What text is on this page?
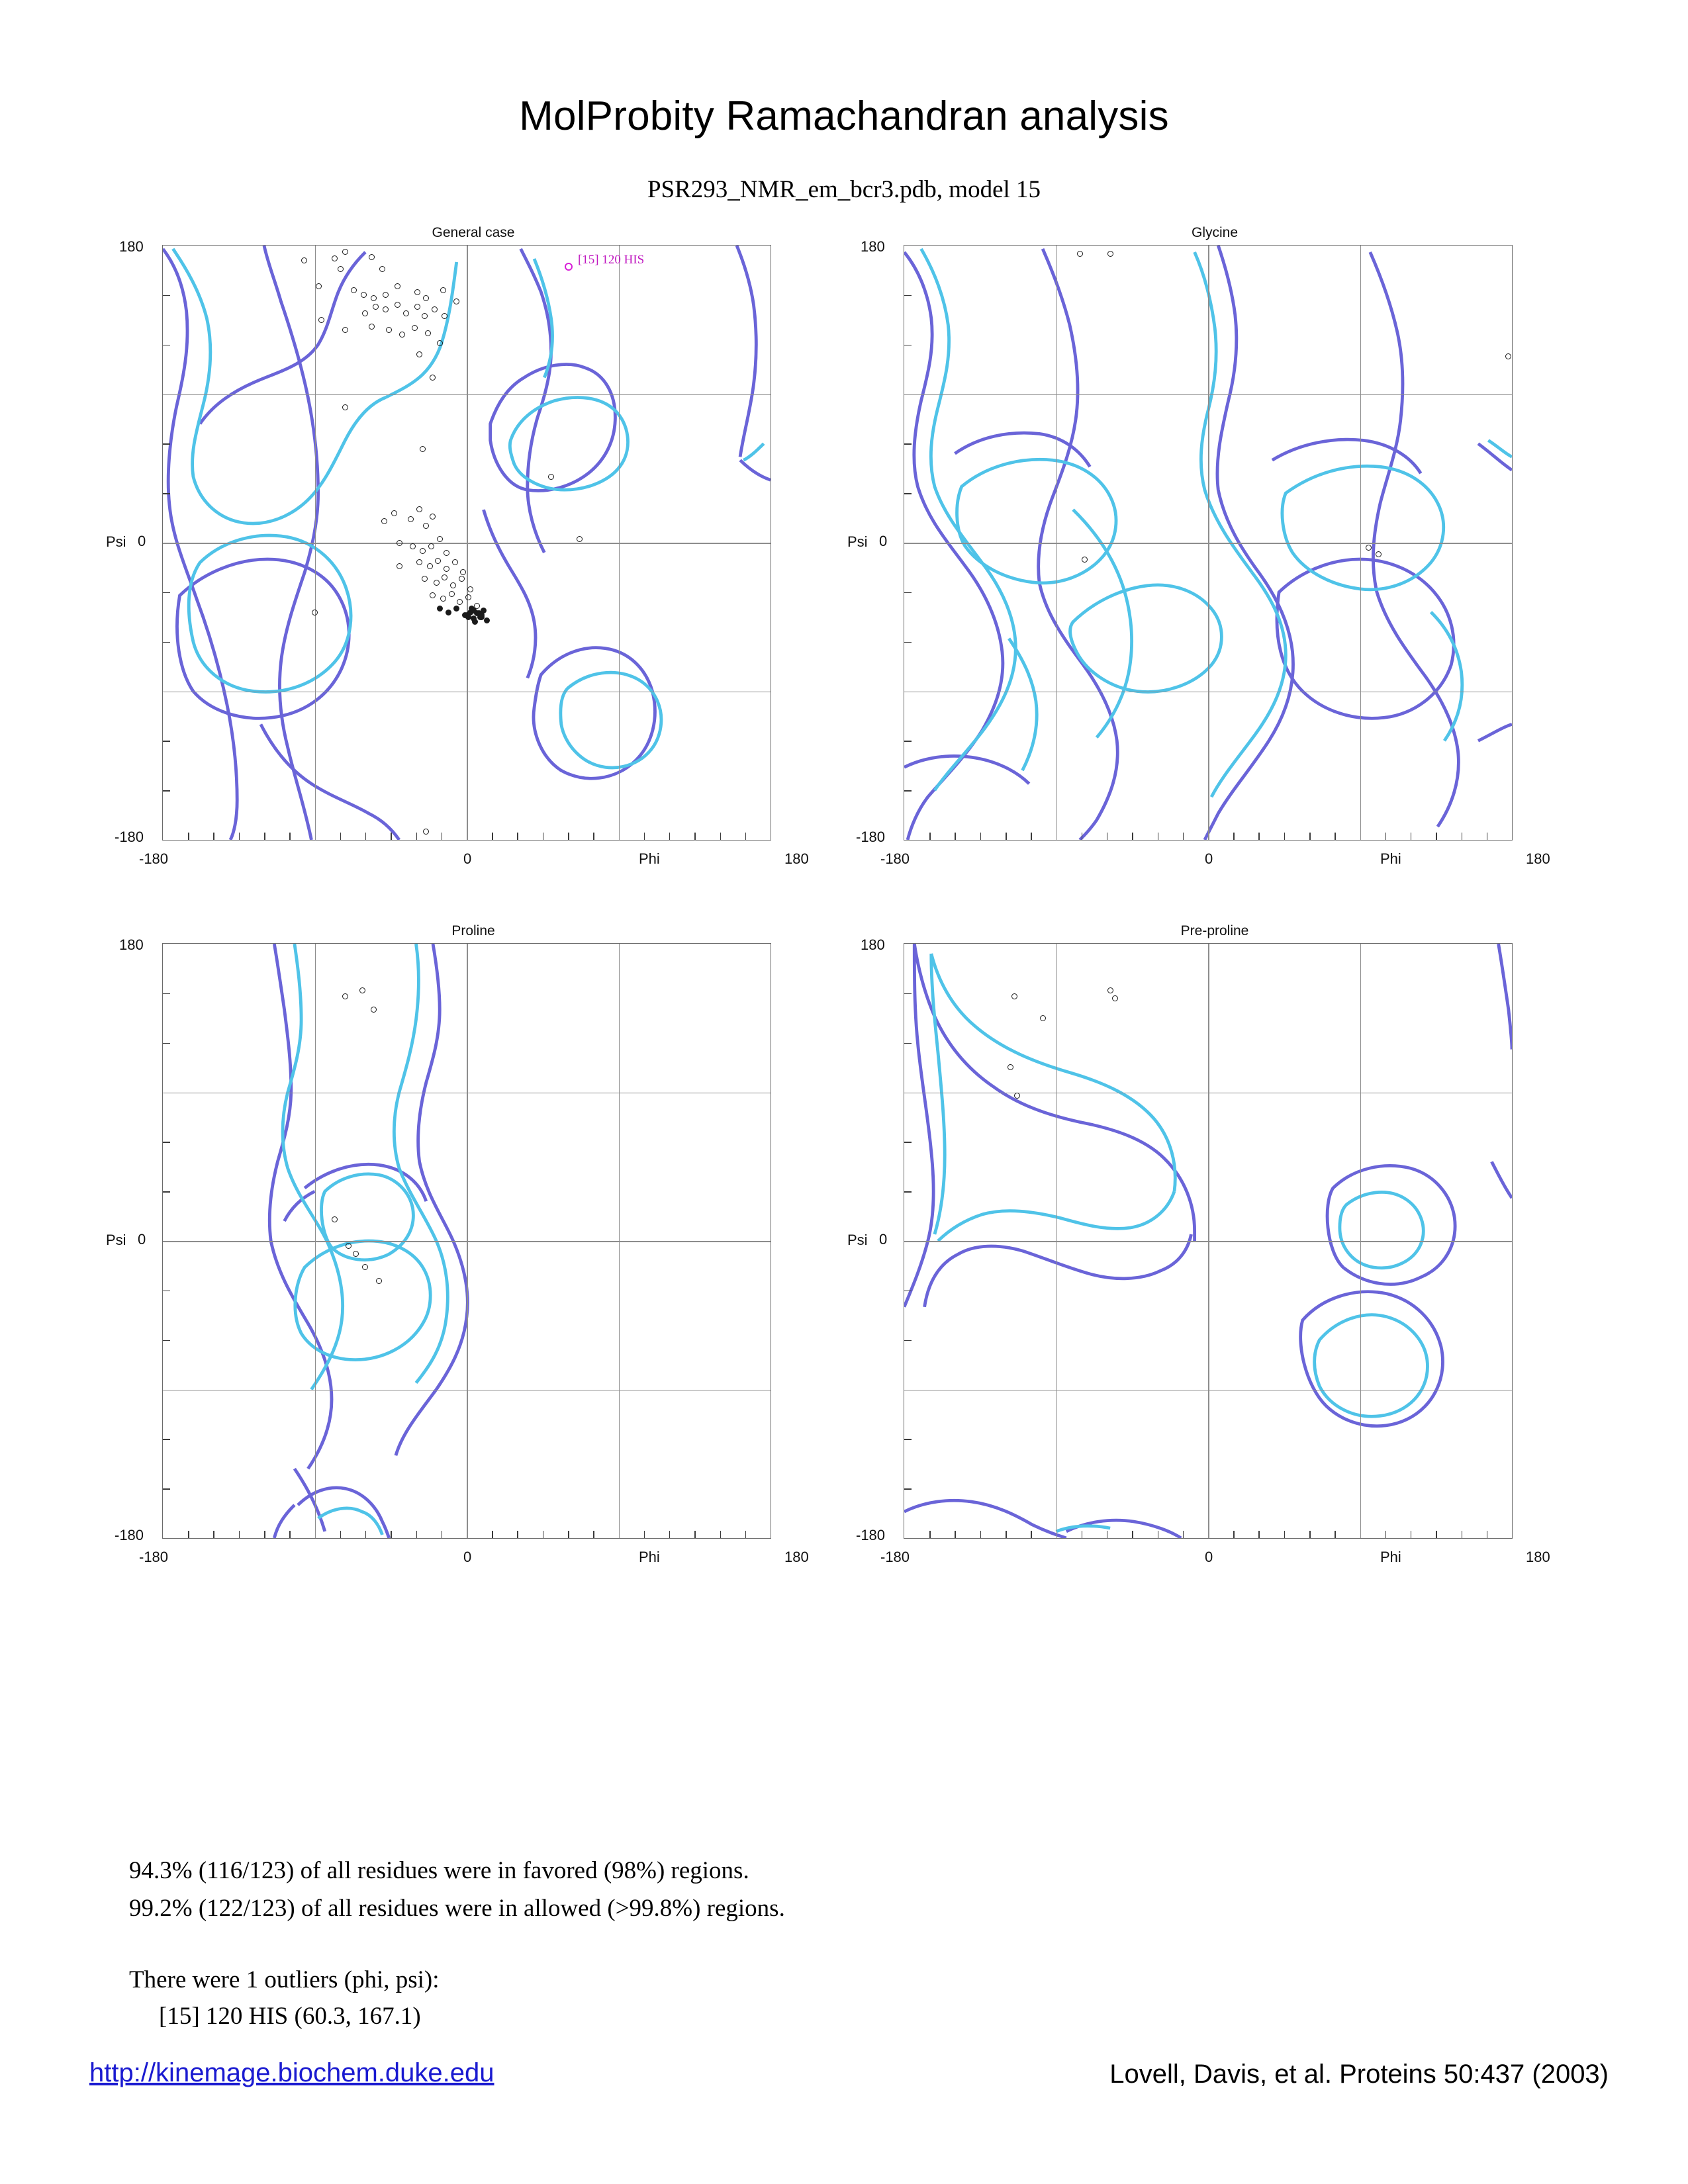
MolProbity Ramachandran analysis
PSR293_NMR_em_bcr3.pdb, model 15
General case
[15] 120 HIS
180
0
-180
Psi
-180	0	180
Phi
Glycine
180
0
-180
Psi
-180	0	180
Phi
Proline
180
0
-180
Psi
-180	0	180
Phi
Pre-proline
180
0
-180
Psi
-180	0	180
Phi
94.3% (116/123) of all residues were in favored (98%) regions.
99.2% (122/123) of all residues were in allowed (>99.8%) regions.
There were 1 outliers (phi, psi):
[15] 120 HIS (60.3, 167.1)
http://kinemage.biochem.duke.edu	Lovell, Davis, et al. Proteins 50:437 (2003)
